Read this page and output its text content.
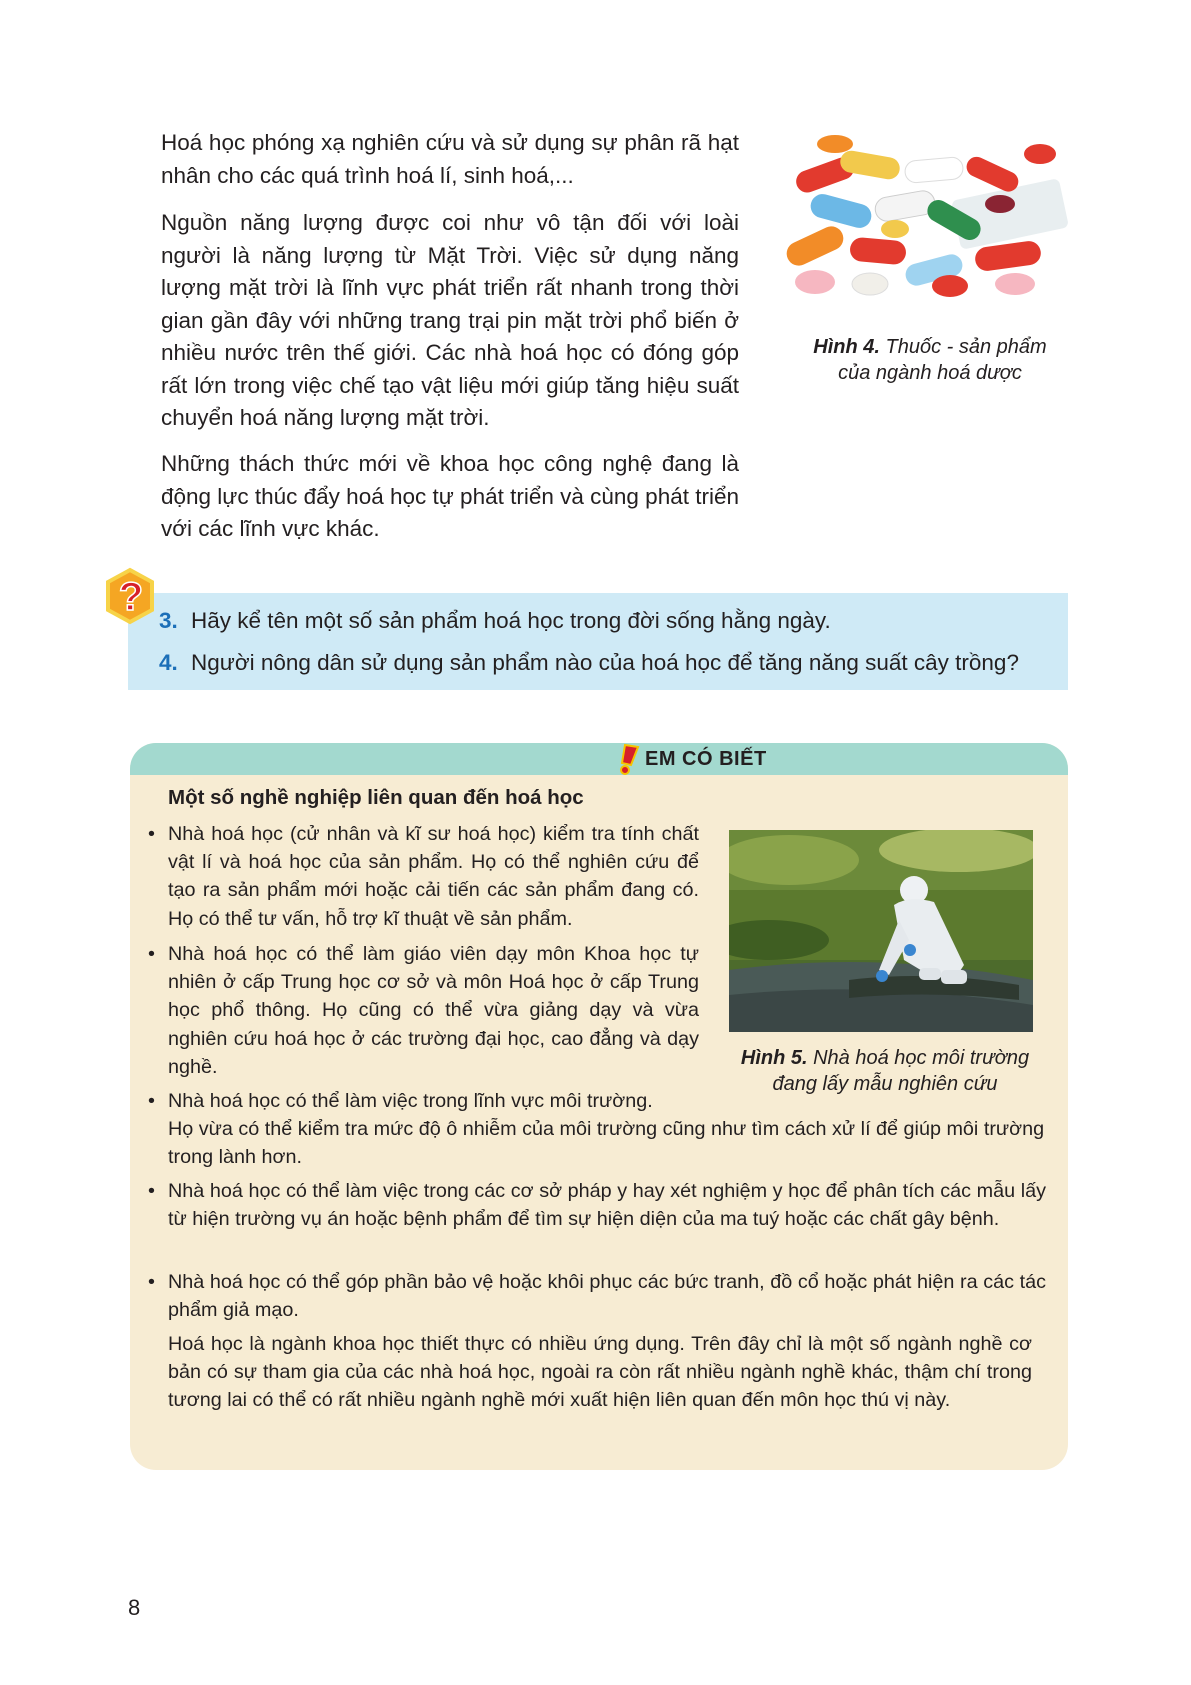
Hoá học phóng xạ nghiên cứu và sử dụng sự phân rã hạt nhân cho các quá trình hoá lí, sinh hoá,...

Nguồn năng lượng được coi như vô tận đối với loài người là năng lượng từ Mặt Trời. Việc sử dụng năng lượng mặt trời là lĩnh vực phát triển rất nhanh trong thời gian gần đây với những trang trại pin mặt trời phổ biến ở nhiều nước trên thế giới. Các nhà hoá học có đóng góp rất lớn trong việc chế tạo vật liệu mới giúp tăng hiệu suất chuyển hoá năng lượng mặt trời.

Những thách thức mới về khoa học công nghệ đang là động lực thúc đẩy hoá học tự phát triển và cùng phát triển với các lĩnh vực khác.

Hình 4. Thuốc - sản phẩm
của ngành hoá dược

?

3. Hãy kể tên một số sản phẩm hoá học trong đời sống hằng ngày.

4. Người nông dân sử dụng sản phẩm nào của hoá học để tăng năng suất cây trồng?

EM CÓ BIẾT

Một số nghề nghiệp liên quan đến hoá học

• Nhà hoá học (cử nhân và kĩ sư hoá học) kiểm tra tính chất vật lí và hoá học của sản phẩm. Họ có thể nghiên cứu để tạo ra sản phẩm mới hoặc cải tiến các sản phẩm đang có. Họ có thể tư vấn, hỗ trợ kĩ thuật về sản phẩm.
• Nhà hoá học có thể làm giáo viên dạy môn Khoa học tự nhiên ở cấp Trung học cơ sở và môn Hoá học ở cấp Trung học phổ thông. Họ cũng có thể vừa giảng dạy và vừa nghiên cứu hoá học ở các trường đại học, cao đẳng và dạy nghề.
• Nhà hoá học có thể làm việc trong lĩnh vực môi trường.
Họ vừa có thể kiểm tra mức độ ô nhiễm của môi trường cũng như tìm cách xử lí để giúp môi trường trong lành hơn.
• Nhà hoá học có thể làm việc trong các cơ sở pháp y hay xét nghiệm y học để phân tích các mẫu lấy từ hiện trường vụ án hoặc bệnh phẩm để tìm sự hiện diện của ma tuý hoặc các chất gây bệnh.
• Nhà hoá học có thể góp phần bảo vệ hoặc khôi phục các bức tranh, đồ cổ hoặc phát hiện ra các tác phẩm giả mạo.

Hoá học là ngành khoa học thiết thực có nhiều ứng dụng. Trên đây chỉ là một số ngành nghề cơ bản có sự tham gia của các nhà hoá học, ngoài ra còn rất nhiều ngành nghề khác, thậm chí trong tương lai có thể có rất nhiều ngành nghề mới xuất hiện liên quan đến môn học thú vị này.

Hình 5. Nhà hoá học môi trường
đang lấy mẫu nghiên cứu

8
